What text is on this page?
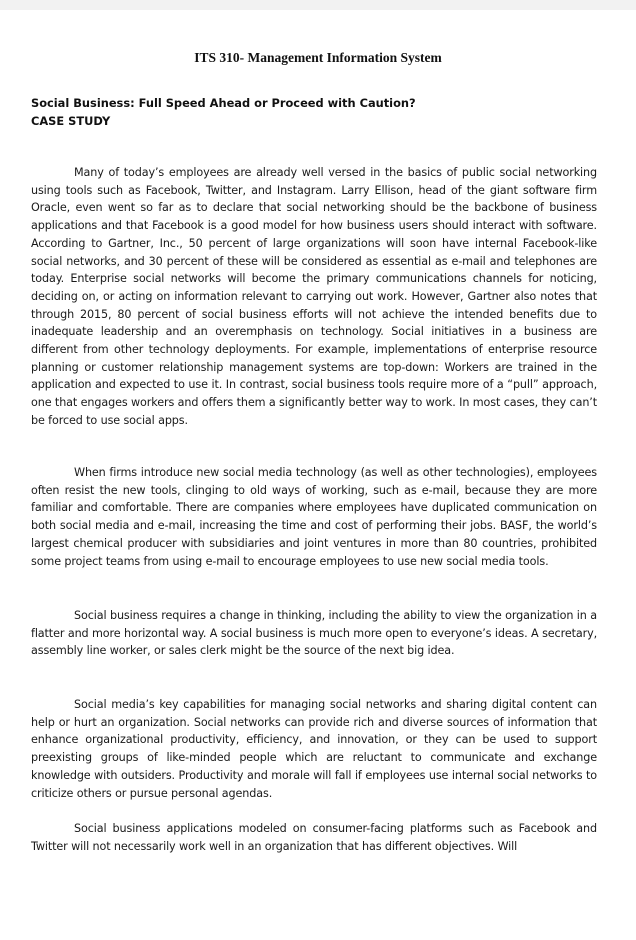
ITS 310- Management Information System
Social Business: Full Speed Ahead or Proceed with Caution?
CASE STUDY

Many of today’s employees are already well versed in the basics of public social networking using tools such as Facebook, Twitter, and Instagram. Larry Ellison, head of the giant software firm Oracle, even went so far as to declare that social networking should be the backbone of business applications and that Facebook is a good model for how business users should interact with software. According to Gartner, Inc., 50 percent of large organizations will soon have internal Facebook-like social networks, and 30 percent of these will be considered as essential as e-mail and telephones are today. Enterprise social networks will become the primary communications channels for noticing, deciding on, or acting on information relevant to carrying out work. However, Gartner also notes that through 2015, 80 percent of social business efforts will not achieve the intended benefits due to inadequate leadership and an overemphasis on technology. Social initiatives in a business are different from other technology deployments. For example, implementations of enterprise resource planning or customer relationship management systems are top-down: Workers are trained in the application and expected to use it. In contrast, social business tools require more of a “pull” approach, one that engages workers and offers them a significantly better way to work. In most cases, they can’t be forced to use social apps.

When firms introduce new social media technology (as well as other technologies), employees often resist the new tools, clinging to old ways of working, such as e-mail, because they are more familiar and comfortable. There are companies where employees have duplicated communication on both social media and e-mail, increasing the time and cost of performing their jobs. BASF, the world’s largest chemical producer with subsidiaries and joint ventures in more than 80 countries, prohibited some project teams from using e-mail to encourage employees to use new social media tools.

Social business requires a change in thinking, including the ability to view the organization in a flatter and more horizontal way. A social business is much more open to everyone’s ideas. A secretary, assembly line worker, or sales clerk might be the source of the next big idea.

Social media’s key capabilities for managing social networks and sharing digital content can help or hurt an organization. Social networks can provide rich and diverse sources of information that enhance organizational productivity, efficiency, and innovation, or they can be used to support preexisting groups of like-minded people which are reluctant to communicate and exchange knowledge with outsiders. Productivity and morale will fall if employees use internal social networks to criticize others or pursue personal agendas.

Social business applications modeled on consumer-facing platforms such as Facebook and Twitter will not necessarily work well in an organization that has different objectives. Will
